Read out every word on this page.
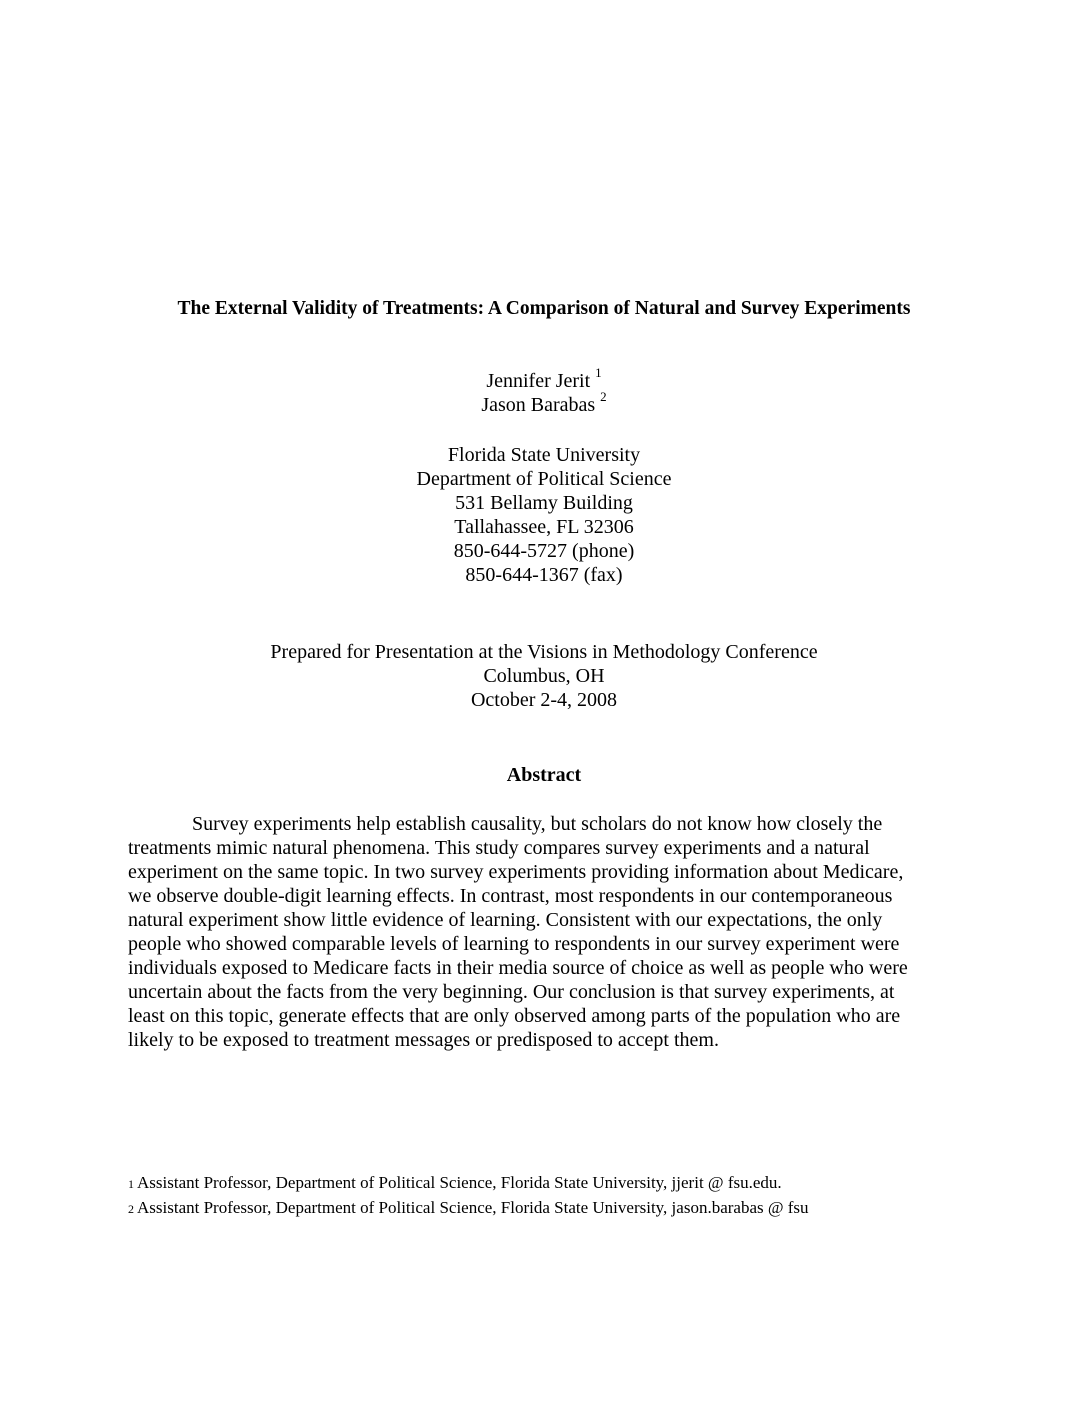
The External Validity of Treatments: A Comparison of Natural and Survey Experiments
Jennifer Jerit $^1$
Jason Barabas $^2$
Florida State University
Department of Political Science
531 Bellamy Building
Tallahassee, FL 32306
850-644-5727 (phone)
850-644-1367 (fax)
Prepared for Presentation at the Visions in Methodology Conference
Columbus, OH
October 2-4, 2008
Abstract
Survey experiments help establish causality, but scholars do not know how closely the
treatments mimic natural phenomena. This study compares survey experiments and a natural
experiment on the same topic. In two survey experiments providing information about Medicare,
we observe double-digit learning effects. In contrast, most respondents in our contemporaneous
natural experiment show little evidence of learning. Consistent with our expectations, the only
people who showed comparable levels of learning to respondents in our survey experiment were
individuals exposed to Medicare facts in their media source of choice as well as people who were
uncertain about the facts from the very beginning. Our conclusion is that survey experiments, at
least on this topic, generate effects that are only observed among parts of the population who are
likely to be exposed to treatment messages or predisposed to accept them.
1 Assistant Professor, Department of Political Science, Florida State University, jjerit @ fsu.edu.
2 Assistant Professor, Department of Political Science, Florida State University, jason.barabas @ fsu
